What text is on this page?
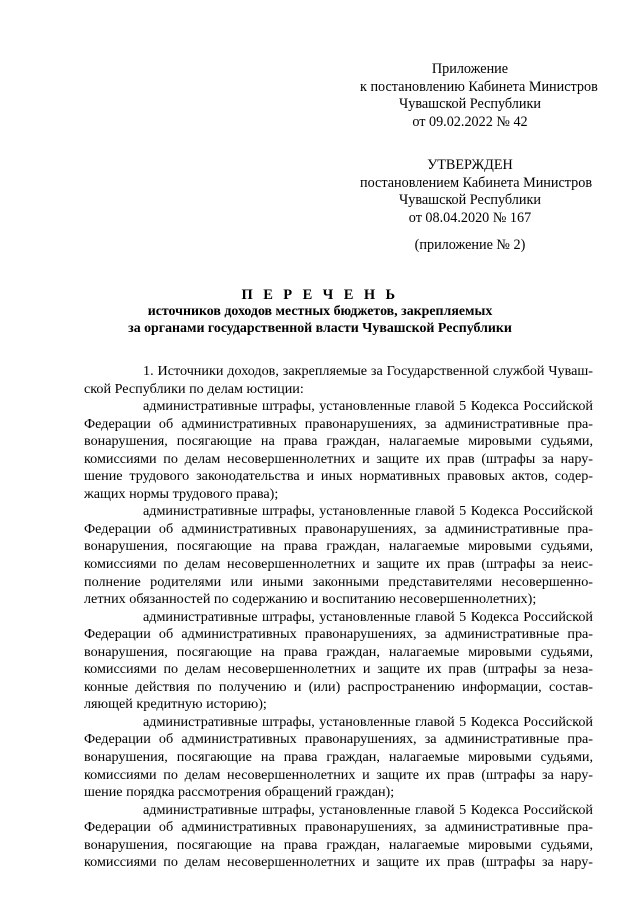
Приложение
к постановлению Кабинета Министров
Чувашской Республики
от 09.02.2022 № 42
УТВЕРЖДЕН
постановлением Кабинета Министров
Чувашской Республики
от 08.04.2020 № 167
(приложение № 2)
П Е Р Е Ч Е Н Ь
источников доходов местных бюджетов, закрепляемых
за органами государственной власти Чувашской Республики
1. Источники доходов, закрепляемые за Государственной службой Чуваш-
ской Республики по делам юстиции:
административные штрафы, установленные главой 5 Кодекса Российской
Федерации об административных правонарушениях, за административные пра-
вонарушения, посягающие на права граждан, налагаемые мировыми судьями,
комиссиями по делам несовершеннолетних и защите их прав (штрафы за нару-
шение трудового законодательства и иных нормативных правовых актов, содер-
жащих нормы трудового права);
административные штрафы, установленные главой 5 Кодекса Российской
Федерации об административных правонарушениях, за административные пра-
вонарушения, посягающие на права граждан, налагаемые мировыми судьями,
комиссиями по делам несовершеннолетних и защите их прав (штрафы за неис-
полнение родителями или иными законными представителями несовершенно-
летних обязанностей по содержанию и воспитанию несовершеннолетних);
административные штрафы, установленные главой 5 Кодекса Российской
Федерации об административных правонарушениях, за административные пра-
вонарушения, посягающие на права граждан, налагаемые мировыми судьями,
комиссиями по делам несовершеннолетних и защите их прав (штрафы за неза-
конные действия по получению и (или) распространению информации, состав-
ляющей кредитную историю);
административные штрафы, установленные главой 5 Кодекса Российской
Федерации об административных правонарушениях, за административные пра-
вонарушения, посягающие на права граждан, налагаемые мировыми судьями,
комиссиями по делам несовершеннолетних и защите их прав (штрафы за нару-
шение порядка рассмотрения обращений граждан);
административные штрафы, установленные главой 5 Кодекса Российской
Федерации об административных правонарушениях, за административные пра-
вонарушения, посягающие на права граждан, налагаемые мировыми судьями,
комиссиями по делам несовершеннолетних и защите их прав (штрафы за нару-
